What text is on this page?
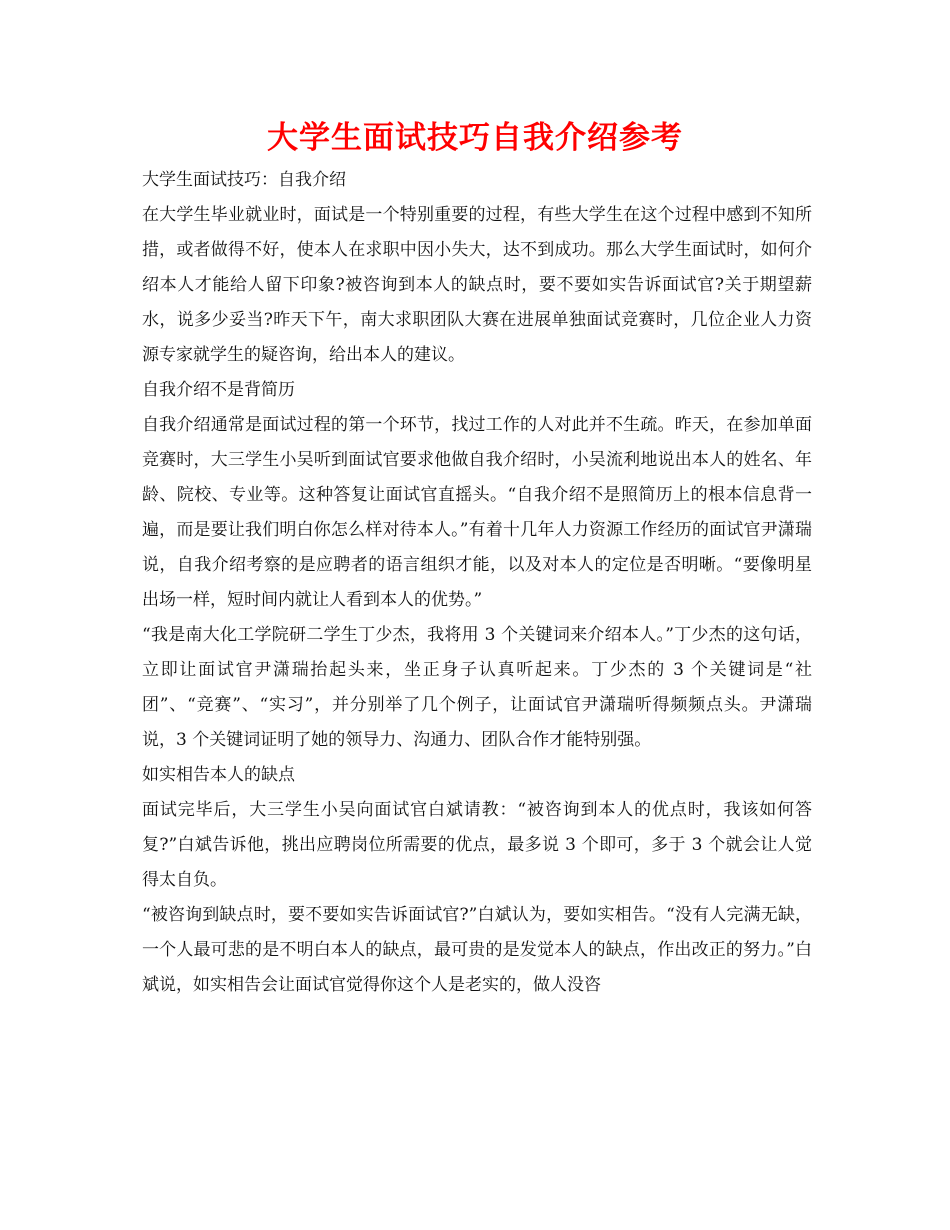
大学生面试技巧自我介绍参考

大学生面试技巧：自我介绍

在大学生毕业就业时，面试是一个特别重要的过程，有些大学生在这个过程中感到不知所措，或者做得不好，使本人在求职中因小失大，达不到成功。那么大学生面试时，如何介绍本人才能给人留下印象?被咨询到本人的缺点时，要不要如实告诉面试官?关于期望薪水，说多少妥当?昨天下午，南大求职团队大赛在进展单独面试竞赛时，几位企业人力资源专家就学生的疑咨询，给出本人的建议。

自我介绍不是背简历

自我介绍通常是面试过程的第一个环节，找过工作的人对此并不生疏。昨天，在参加单面竞赛时，大三学生小吴听到面试官要求他做自我介绍时，小吴流利地说出本人的姓名、年龄、院校、专业等。这种答复让面试官直摇头。“自我介绍不是照简历上的根本信息背一遍，而是要让我们明白你怎么样对待本人。”有着十几年人力资源工作经历的面试官尹潇瑞说，自我介绍考察的是应聘者的语言组织才能，以及对本人的定位是否明晰。“要像明星出场一样，短时间内就让人看到本人的优势。”

“我是南大化工学院研二学生丁少杰，我将用 3 个关键词来介绍本人。”丁少杰的这句话，立即让面试官尹潇瑞抬起头来，坐正身子认真听起来。丁少杰的 3 个关键词是“社团”、“竞赛”、“实习”，并分别举了几个例子，让面试官尹潇瑞听得频频点头。尹潇瑞说，3 个关键词证明了她的领导力、沟通力、团队合作才能特别强。

如实相告本人的缺点

面试完毕后，大三学生小吴向面试官白斌请教：“被咨询到本人的优点时，我该如何答复?”白斌告诉他，挑出应聘岗位所需要的优点，最多说 3 个即可，多于 3 个就会让人觉得太自负。

“被咨询到缺点时，要不要如实告诉面试官?”白斌认为，要如实相告。“没有人完满无缺，一个人最可悲的是不明白本人的缺点，最可贵的是发觉本人的缺点，作出改正的努力。”白斌说，如实相告会让面试官觉得你这个人是老实的，做人没咨
